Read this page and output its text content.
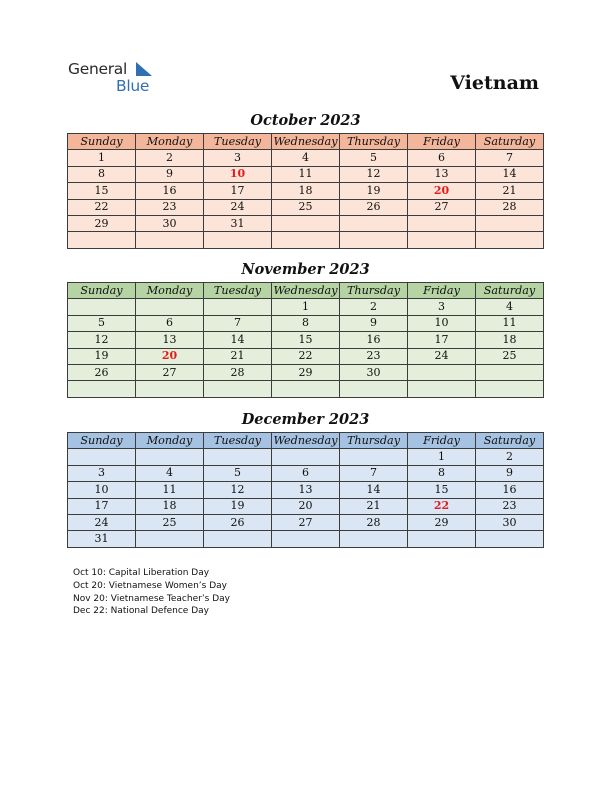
General
Blue	Vietnam
October 2023
Sunday	Monday	Tuesday	Wednesday	Thursday	Friday	Saturday
1	2	3	4	5	6	7
8	9	10	11	12	13	14
15	16	17	18	19	20	21
22	23	24	25	26	27	28
29	30	31				

November 2023
Sunday	Monday	Tuesday	Wednesday	Thursday	Friday	Saturday
			1	2	3	4
5	6	7	8	9	10	11
12	13	14	15	16	17	18
19	20	21	22	23	24	25
26	27	28	29	30		

December 2023
Sunday	Monday	Tuesday	Wednesday	Thursday	Friday	Saturday
					1	2
3	4	5	6	7	8	9
10	11	12	13	14	15	16
17	18	19	20	21	22	23
24	25	26	27	28	29	30
31						
Oct 10: Capital Liberation Day
Oct 20: Vietnamese Women’s Day
Nov 20: Vietnamese Teacher’s Day
Dec 22: National Defence Day
